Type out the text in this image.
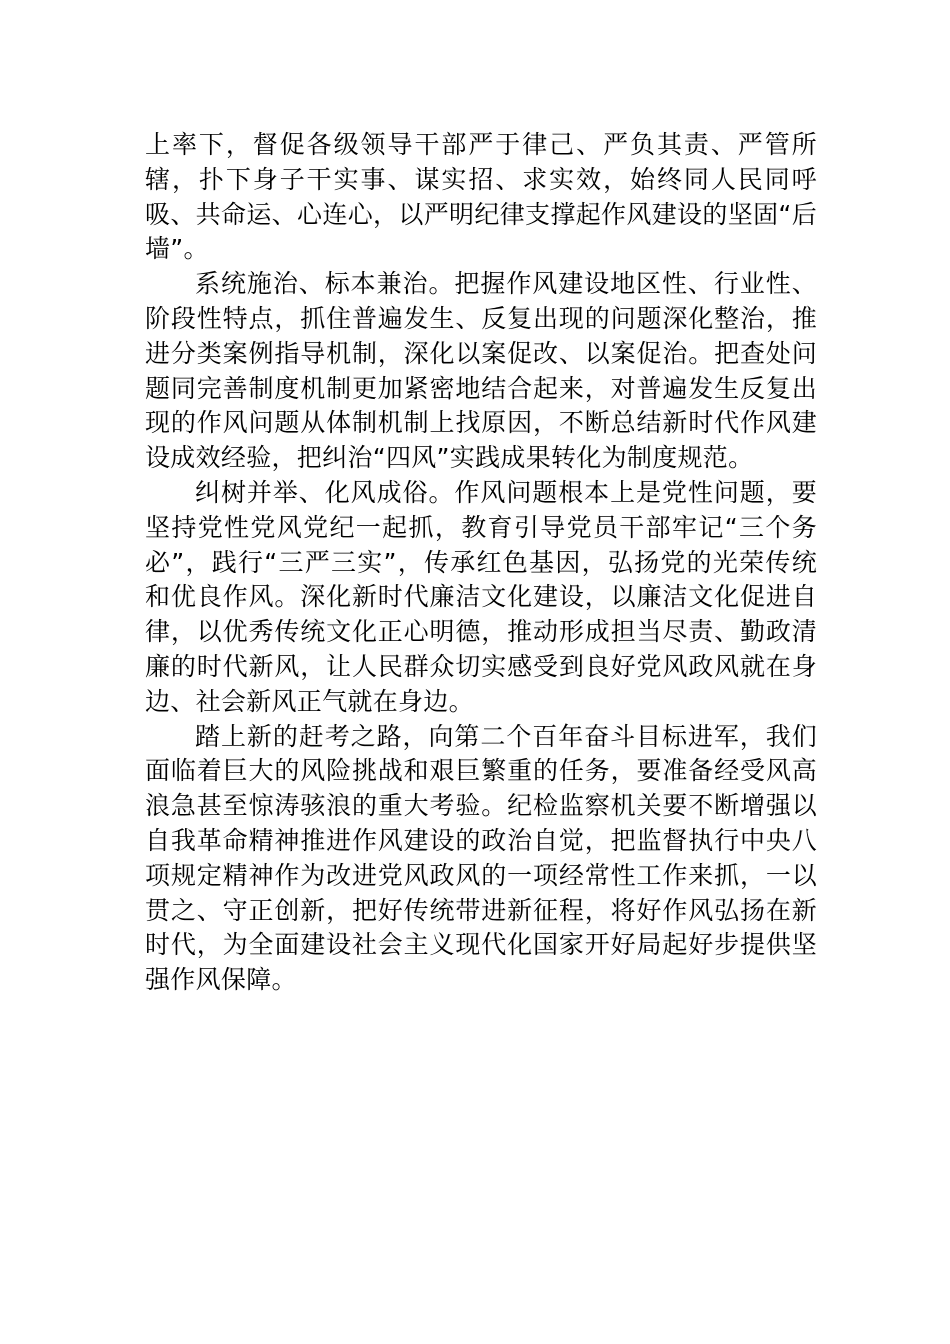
上率下，督促各级领导干部严于律己、严负其责、严管所辖，扑下身子干实事、谋实招、求实效，始终同人民同呼吸、共命运、心连心，以严明纪律支撑起作风建设的坚固“后墙”。

系统施治、标本兼治。把握作风建设地区性、行业性、阶段性特点，抓住普遍发生、反复出现的问题深化整治，推进分类案例指导机制，深化以案促改、以案促治。把查处问题同完善制度机制更加紧密地结合起来，对普遍发生反复出现的作风问题从体制机制上找原因，不断总结新时代作风建设成效经验，把纠治“四风”实践成果转化为制度规范。

纠树并举、化风成俗。作风问题根本上是党性问题，要坚持党性党风党纪一起抓，教育引导党员干部牢记“三个务必”，践行“三严三实”，传承红色基因，弘扬党的光荣传统和优良作风。深化新时代廉洁文化建设，以廉洁文化促进自律，以优秀传统文化正心明德，推动形成担当尽责、勤政清廉的时代新风，让人民群众切实感受到良好党风政风就在身边、社会新风正气就在身边。

踏上新的赶考之路，向第二个百年奋斗目标进军，我们面临着巨大的风险挑战和艰巨繁重的任务，要准备经受风高浪急甚至惊涛骇浪的重大考验。纪检监察机关要不断增强以自我革命精神推进作风建设的政治自觉，把监督执行中央八项规定精神作为改进党风政风的一项经常性工作来抓，一以贯之、守正创新，把好传统带进新征程，将好作风弘扬在新时代，为全面建设社会主义现代化国家开好局起好步提供坚强作风保障。
